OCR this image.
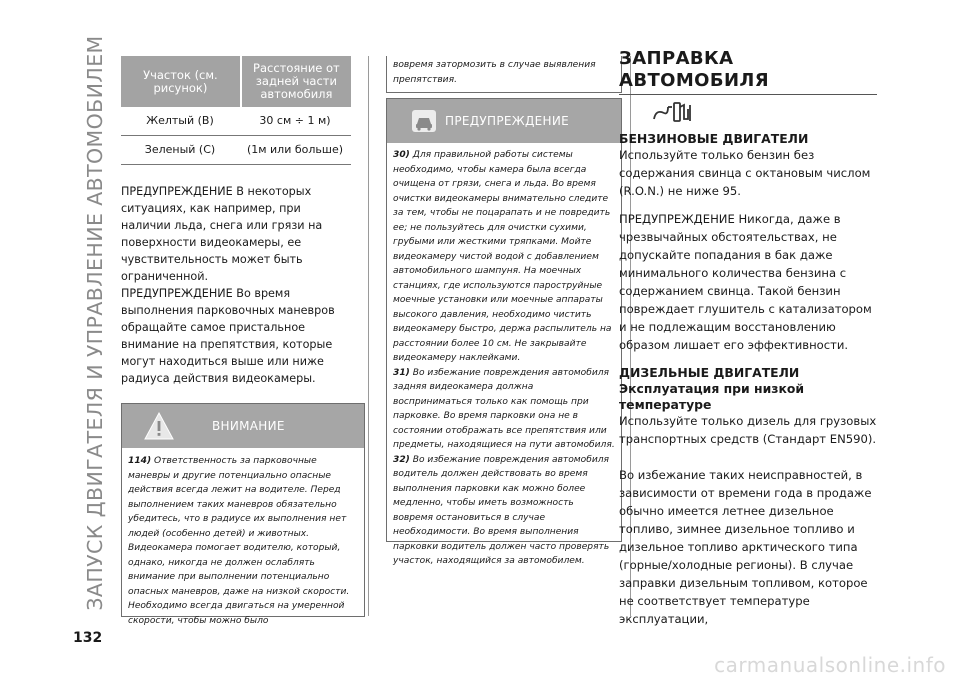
ЗАПУСК ДВИГАТЕЛЯ И УПРАВЛЕНИЕ АВТОМОБИЛЕМ
132
Участок (см. рисунок)
Расстояние от задней части автомобиля
Желтый (B)	30 см ÷ 1 м)
Зеленый (C)	(1м или больше)
ПРЕДУПРЕЖДЕНИЕ В некоторых ситуациях, как например, при наличии льда, снега или грязи на поверхности видеокамеры, ее чувствительность может быть ограниченной.
ПРЕДУПРЕЖДЕНИЕ Во время выполнения парковочных маневров обращайте самое пристальное внимание на препятствия, которые могут находиться выше или ниже радиуса действия видеокамеры.
ВНИМАНИЕ
114) Ответственность за парковочные маневры и другие потенциально опасные действия всегда лежит на водителе. Перед выполнением таких маневров обязательно убедитесь, что в радиусе их выполнения нет людей (особенно детей) и животных. Видеокамера помогает водителю, который, однако, никогда не должен ослаблять внимание при выполнении потенциально опасных маневров, даже на низкой скорости. Необходимо всегда двигаться на умеренной скорости, чтобы можно было
вовремя затормозить в случае выявления препятствия.
ПРЕДУПРЕЖДЕНИЕ
30) Для правильной работы системы необходимо, чтобы камера была всегда очищена от грязи, снега и льда. Во время очистки видеокамеры внимательно следите за тем, чтобы не поцарапать и не повредить ее; не пользуйтесь для очистки сухими, грубыми или жесткими тряпками. Мойте видеокамеру чистой водой с добавлением автомобильного шампуня. На моечных станциях, где используются пароструйные моечные установки или моечные аппараты высокого давления, необходимо чистить видеокамеру быстро, держа распылитель на расстоянии более 10 см. Не закрывайте видеокамеру наклейками.
31) Во избежание повреждения автомобиля задняя видеокамера должна восприниматься только как помощь при парковке. Во время парковки она не в состоянии отображать все препятствия или предметы, находящиеся на пути автомобиля.
32) Во избежание повреждения автомобиля водитель должен действовать во время выполнения парковки как можно более медленно, чтобы иметь возможность вовремя остановиться в случае необходимости. Во время выполнения парковки водитель должен часто проверять участок, находящийся за автомобилем.
ЗАПРАВКА АВТОМОБИЛЯ
БЕНЗИНОВЫЕ ДВИГАТЕЛИ
Используйте только бензин без содержания свинца с октановым числом (R.O.N.) не ниже 95.
ПРЕДУПРЕЖДЕНИЕ Никогда, даже в чрезвычайных обстоятельствах, не допускайте попадания в бак даже минимального количества бензина с содержанием свинца. Такой бензин повреждает глушитель с катализатором и не подлежащим восстановлению образом лишает его эффективности.
ДИЗЕЛЬНЫЕ ДВИГАТЕЛИ
Эксплуатация при низкой температуре
Используйте только дизель для грузовых транспортных средств (Стандарт EN590).
Во избежание таких неисправностей, в зависимости от времени года в продаже обычно имеется летнее дизельное топливо, зимнее дизельное топливо и дизельное топливо арктического типа (горные/холодные регионы). В случае заправки дизельным топливом, которое не соответствует температуре эксплуатации,
carmanualsonline.info
